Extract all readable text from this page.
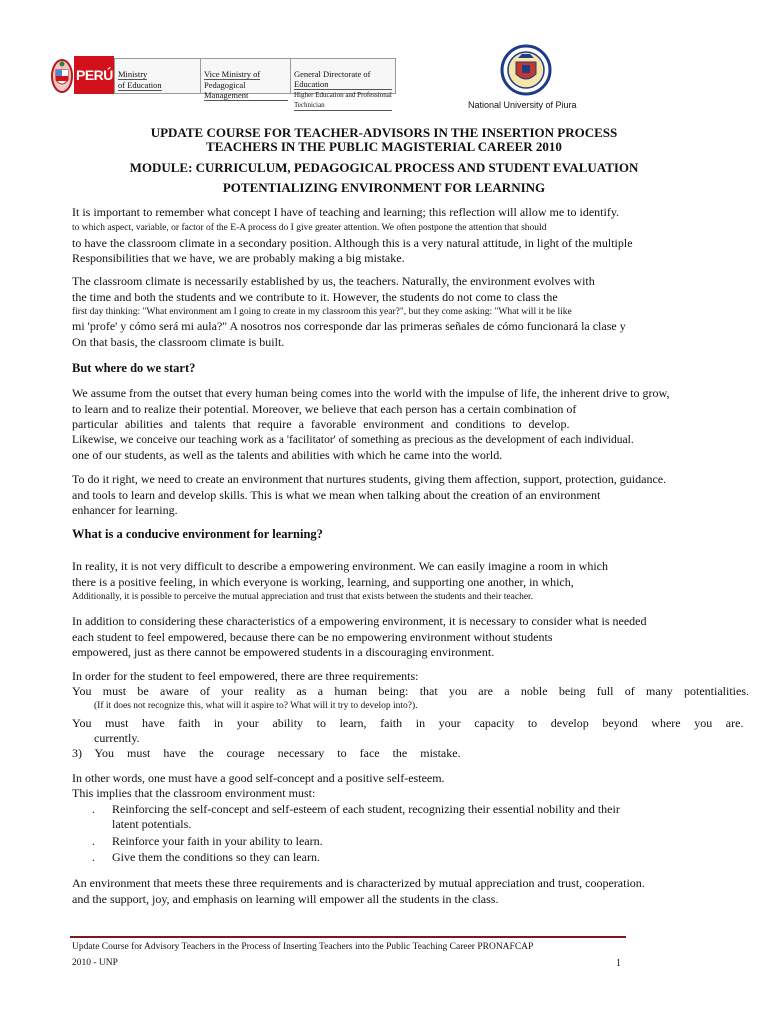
PERÚ Ministry
of Education
Vice Ministry of
Pedagogical Management
General Directorate of Education
Higher Education and Professional Technician	National University of Piura
UPDATE COURSE FOR TEACHER-ADVISORS IN THE INSERTION PROCESS
TEACHERS IN THE PUBLIC MAGISTERIAL CAREER 2010
MODULE: CURRICULUM, PEDAGOGICAL PROCESS AND STUDENT EVALUATION
POTENTIALIZING ENVIRONMENT FOR LEARNING
It is important to remember what concept I have of teaching and learning; this reflection will allow me to identify.
to which aspect, variable, or factor of the E-A process do I give greater attention. We often postpone the attention that should
to have the classroom climate in a secondary position. Although this is a very natural attitude, in light of the multiple
Responsibilities that we have, we are probably making a big mistake.
The classroom climate is necessarily established by us, the teachers. Naturally, the environment evolves with
the time and both the students and we contribute to it. However, the students do not come to class the
first day thinking: "What environment am I going to create in my classroom this year?", but they come asking: "What will it be like
mi 'profe' y cómo será mi aula?" A nosotros nos corresponde dar las primeras señales de cómo funcionará la clase y
On that basis, the classroom climate is built.
But where do we start?
We assume from the outset that every human being comes into the world with the impulse of life, the inherent drive to grow,
to learn and to realize their potential. Moreover, we believe that each person has a certain combination of
particular abilities and talents that require a favorable environment and conditions to develop.
Likewise, we conceive our teaching work as a 'facilitator' of something as precious as the development of each individual.
one of our students, as well as the talents and abilities with which he came into the world.
To do it right, we need to create an environment that nurtures students, giving them affection, support, protection, guidance.
and tools to learn and develop skills. This is what we mean when talking about the creation of an environment
enhancer for learning.
What is a conducive environment for learning?
In reality, it is not very difficult to describe a empowering environment. We can easily imagine a room in which
there is a positive feeling, in which everyone is working, learning, and supporting one another, in which,
Additionally, it is possible to perceive the mutual appreciation and trust that exists between the students and their teacher.
In addition to considering these characteristics of a empowering environment, it is necessary to consider what is needed
each student to feel empowered, because there can be no empowering environment without students
empowered, just as there cannot be empowered students in a discouraging environment.
In order for the student to feel empowered, there are three requirements:
You must be aware of your reality as a human being: that you are a noble being full of many potentialities.
(If it does not recognize this, what will it aspire to? What will it try to develop into?).
You must have faith in your ability to learn, faith in your capacity to develop beyond where you are.
currently.
3) You must have the courage necessary to face the mistake.
In other words, one must have a good self-concept and a positive self-esteem.
This implies that the classroom environment must:
. Reinforcing the self-concept and self-esteem of each student, recognizing their essential nobility and their
latent potentials.
. Reinforce your faith in your ability to learn.
. Give them the conditions so they can learn.
An environment that meets these three requirements and is characterized by mutual appreciation and trust, cooperation.
and the support, joy, and emphasis on learning will empower all the students in the class.
Update Course for Advisory Teachers in the Process of Inserting Teachers into the Public Teaching Career PRONAFCAP
2010 - UNP	1
